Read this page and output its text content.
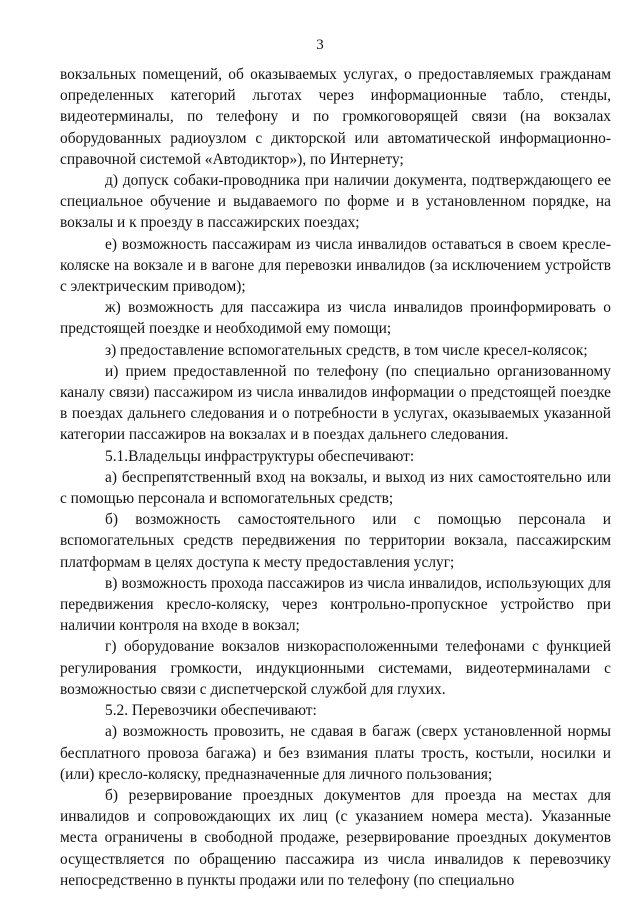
3

вокзальных помещений, об оказываемых услугах, о предоставляемых гражданам определенных категорий льготах через информационные табло, стенды, видеотерминалы, по телефону и по громкоговорящей связи (на вокзалах оборудованных радиоузлом с дикторской или автоматической информационно-справочной системой «Автодиктор»), по Интернету;

д) допуск собаки-проводника при наличии документа, подтверждающего ее специальное обучение и выдаваемого по форме и в установленном порядке, на вокзалы и к проезду в пассажирских поездах;

е) возможность пассажирам из числа инвалидов оставаться в своем кресле-коляске на вокзале и в вагоне для перевозки инвалидов (за исключением устройств с электрическим приводом);

ж) возможность для пассажира из числа инвалидов проинформировать о предстоящей поездке и необходимой ему помощи;

з) предоставление вспомогательных средств, в том числе кресел-колясок;

и) прием предоставленной по телефону (по специально организованному каналу связи) пассажиром из числа инвалидов информации о предстоящей поездке в поездах дальнего следования и о потребности в услугах, оказываемых указанной категории пассажиров на вокзалах и в поездах дальнего следования.

5.1.Владельцы инфраструктуры обеспечивают:

а) беспрепятственный вход на вокзалы, и выход из них самостоятельно или с помощью персонала и вспомогательных средств;

б) возможность самостоятельного или с помощью персонала и вспомогательных средств передвижения по территории вокзала, пассажирским платформам в целях доступа к месту предоставления услуг;

в) возможность прохода пассажиров из числа инвалидов, использующих для передвижения кресло-коляску, через контрольно-пропускное устройство при наличии контроля на входе в вокзал;

г) оборудование вокзалов низкорасположенными телефонами с функцией регулирования громкости, индукционными системами, видеотерминалами с возможностью связи с диспетчерской службой для глухих.

5.2. Перевозчики обеспечивают:

а) возможность провозить, не сдавая в багаж (сверх установленной нормы бесплатного провоза багажа) и без взимания платы трость, костыли, носилки и (или) кресло-коляску, предназначенные для личного пользования;

б) резервирование проездных документов для проезда на местах для инвалидов и сопровождающих их лиц (с указанием номера места). Указанные места ограничены в свободной продаже, резервирование проездных документов осуществляется по обращению пассажира из числа инвалидов к перевозчику непосредственно в пункты продажи или по телефону (по специально
